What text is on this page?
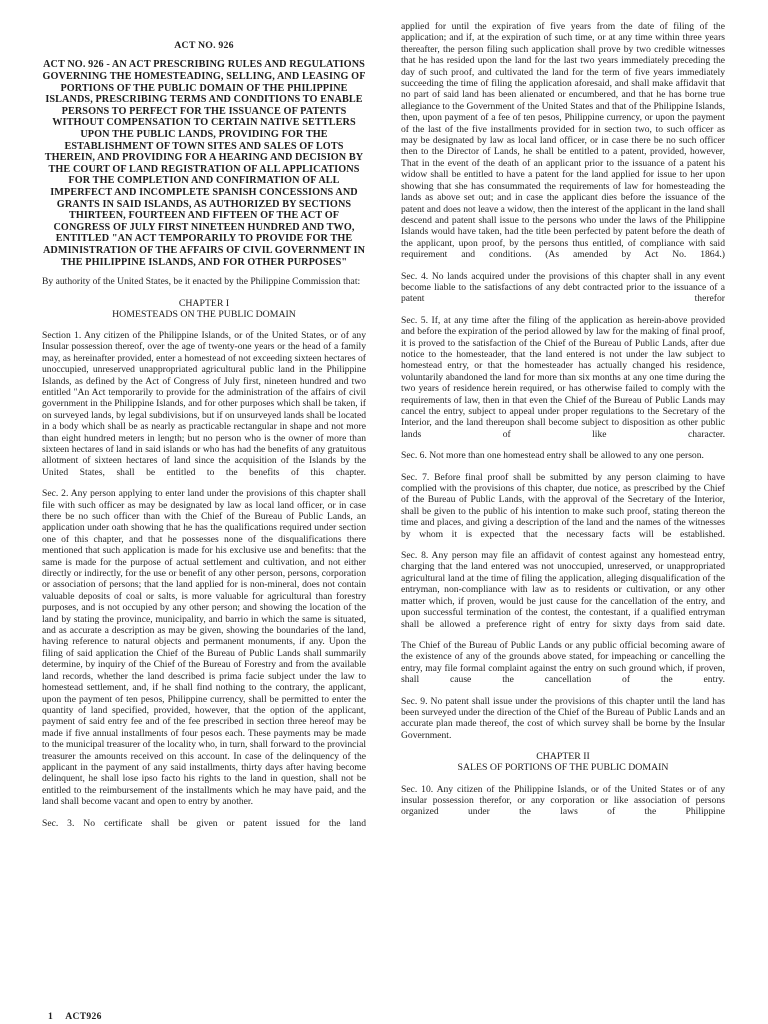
ACT NO. 926
ACT NO. 926 - AN ACT PRESCRIBING RULES AND REGULATIONS GOVERNING THE HOMESTEADING, SELLING, AND LEASING OF PORTIONS OF THE PUBLIC DOMAIN OF THE PHILIPPINE ISLANDS, PRESCRIBING TERMS AND CONDITIONS TO ENABLE PERSONS TO PERFECT FOR THE ISSUANCE OF PATENTS WITHOUT COMPENSATION TO CERTAIN NATIVE SETTLERS UPON THE PUBLIC LANDS, PROVIDING FOR THE ESTABLISHMENT OF TOWN SITES AND SALES OF LOTS THEREIN, AND PROVIDING FOR A HEARING AND DECISION BY THE COURT OF LAND REGISTRATION OF ALL APPLICATIONS FOR THE COMPLETION AND CONFIRMATION OF ALL IMPERFECT AND INCOMPLETE SPANISH CONCESSIONS AND GRANTS IN SAID ISLANDS, AS AUTHORIZED BY SECTIONS THIRTEEN, FOURTEEN AND FIFTEEN OF THE ACT OF CONGRESS OF JULY FIRST NINETEEN HUNDRED AND TWO, ENTITLED "AN ACT TEMPORARILY TO PROVIDE FOR THE ADMINISTRATION OF THE AFFAIRS OF CIVIL GOVERNMENT IN THE PHILIPPINE ISLANDS, AND FOR OTHER PURPOSES"

By authority of the United States, be it enacted by the Philippine Commission that:

CHAPTER I
HOMESTEADS ON THE PUBLIC DOMAIN

Section 1. Any citizen of the Philippine Islands, or of the United States, or of any Insular possession thereof, over the age of twenty-one years or the head of a family may, as hereinafter provided, enter a homestead of not exceeding sixteen hectares of unoccupied, unreserved unappropriated agricultural public land in the Philippine Islands, as defined by the Act of Congress of July first, nineteen hundred and two entitled "An Act temporarily to provide for the administration of the affairs of civil government in the Philippine Islands, and for other purposes which shall be taken, if on surveyed lands, by legal subdivisions, but if on unsurveyed lands shall be located in a body which shall be as nearly as practicable rectangular in shape and not more than eight hundred meters in length; but no person who is the owner of more than sixteen hectares of land in said islands or who has had the benefits of any gratuitous allotment of sixteen hectares of land since the acquisition of the Islands by the United States, shall be entitled to the benefits of this chapter.

Sec. 2. Any person applying to enter land under the provisions of this chapter shall file with such officer as may be designated by law as local land officer, or in case there be no such officer than with the Chief of the Bureau of Public Lands, an application under oath showing that he has the qualifications required under section one of this chapter, and that he possesses none of the disqualifications there mentioned that such application is made for his exclusive use and benefits: that the same is made for the purpose of actual settlement and cultivation, and not either directly or indirectly, for the use or benefit of any other person, persons, corporation or association of persons; that the land applied for is non-mineral, does not contain valuable deposits of coal or salts, is more valuable for agricultural than forestry purposes, and is not occupied by any other person; and showing the location of the land by stating the province, municipality, and barrio in which the same is situated, and as accurate a description as may be given, showing the boundaries of the land, having reference to natural objects and permanent monuments, if any. Upon the filing of said application the Chief of the Bureau of Public Lands shall summarily determine, by inquiry of the Chief of the Bureau of Forestry and from the available land records, whether the land described is prima facie subject under the law to homestead settlement, and, if he shall find nothing to the contrary, the applicant, upon the payment of ten pesos, Philippine currency, shall be permitted to enter the quantity of land specified, provided, however, that the option of the applicant, payment of said entry fee and of the fee prescribed in section three hereof may be made if five annual installments of four pesos each. These payments may be made to the municipal treasurer of the locality who, in turn, shall forward to the provincial treasurer the amounts received on this account. In case of the delinquency of the applicant in the payment of any said installments, thirty days after having become delinquent, he shall lose ipso facto his rights to the land in question, shall not be entitled to the reimbursement of the installments which he may have paid, and the land shall become vacant and open to entry by another.

Sec. 3. No certificate shall be given or patent issued for the land

applied for until the expiration of five years from the date of filing of the application; and if, at the expiration of such time, or at any time within three years thereafter, the person filing such application shall prove by two credible witnesses that he has resided upon the land for the last two years immediately preceding the day of such proof, and cultivated the land for the term of five years immediately succeeding the time of filing the application aforesaid, and shall make affidavit that no part of said land has been alienated or encumbered, and that he has borne true allegiance to the Government of the United States and that of the Philippine Islands, then, upon payment of a fee of ten pesos, Philippine currency, or upon the payment of the last of the five installments provided for in section two, to such officer as may be designated by law as local land officer, or in case there be no such officer then to the Director of Lands, he shall be entitled to a patent, provided, however, That in the event of the death of an applicant prior to the issuance of a patent his widow shall be entitled to have a patent for the land applied for issue to her upon showing that she has consummated the requirements of law for homesteading the lands as above set out; and in case the applicant dies before the issuance of the patent and does not leave a widow, then the interest of the applicant in the land shall descend and patent shall issue to the persons who under the laws of the Philippine Islands would have taken, had the title been perfected by patent before the death of the applicant, upon proof, by the persons thus entitled, of compliance with said requirement and conditions. (As amended by Act No. 1864.)

Sec. 4. No lands acquired under the provisions of this chapter shall in any event become liable to the satisfactions of any debt contracted prior to the issuance of a patent therefor

Sec. 5. If, at any time after the filing of the application as herein-above provided and before the expiration of the period allowed by law for the making of final proof, it is proved to the satisfaction of the Chief of the Bureau of Public Lands, after due notice to the homesteader, that the land entered is not under the law subject to homestead entry, or that the homesteader has actually changed his residence, voluntarily abandoned the land for more than six months at any one time during the two years of residence herein required, or has otherwise failed to comply with the requirements of law, then in that even the Chief of the Bureau of Public Lands may cancel the entry, subject to appeal under proper regulations to the Secretary of the Interior, and the land thereupon shall become subject to disposition as other public lands of like character.

Sec. 6. Not more than one homestead entry shall be allowed to any one person.

Sec. 7. Before final proof shall be submitted by any person claiming to have complied with the provisions of this chapter, due notice, as prescribed by the Chief of the Bureau of Public Lands, with the approval of the Secretary of the Interior, shall be given to the public of his intention to make such proof, stating thereon the time and places, and giving a description of the land and the names of the witnesses by whom it is expected that the necessary facts will be established.

Sec. 8. Any person may file an affidavit of contest against any homestead entry, charging that the land entered was not unoccupied, unreserved, or unappropriated agricultural land at the time of filing the application, alleging disqualification of the entryman, non-compliance with law as to residents or cultivation, or any other matter which, if proven, would be just cause for the cancellation of the entry, and upon successful termination of the contest, the contestant, if a qualified entryman shall be allowed a preference right of entry for sixty days from said date.

The Chief of the Bureau of Public Lands or any public official becoming aware of the existence of any of the grounds above stated, for impeaching or cancelling the entry, may file formal complaint against the entry on such ground which, if proven, shall cause the cancellation of the entry.

Sec. 9. No patent shall issue under the provisions of this chapter until the land has been surveyed under the direction of the Chief of the Bureau of Public Lands and an accurate plan made thereof, the cost of which survey shall be borne by the Insular Government.

CHAPTER II
SALES OF PORTIONS OF THE PUBLIC DOMAIN

Sec. 10. Any citizen of the Philippine Islands, or of the United States or of any insular possession therefor, or any corporation or like association of persons organized under the laws of the Philippine

1 ACT926
